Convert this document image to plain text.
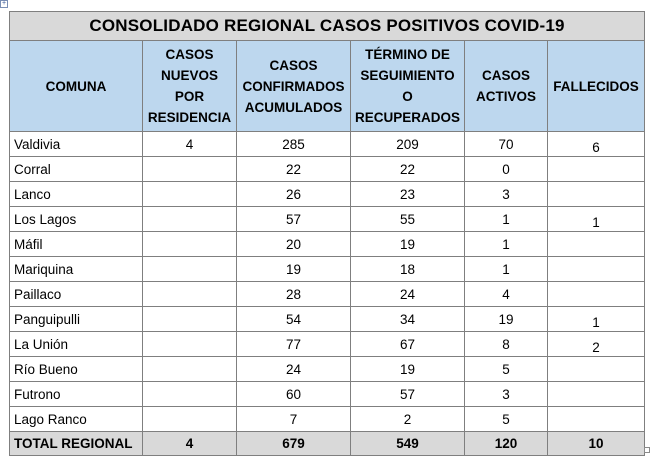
+
CONSOLIDADO REGIONAL CASOS POSITIVOS COVID-19					
COMUNA	CASOS
NUEVOS
POR
RESIDENCIA	CASOS
CONFIRMADOS
ACUMULADOS	TÉRMINO DE
SEGUIMIENTO
O
RECUPERADOS	CASOS
ACTIVOS	FALLECIDOS
Valdivia	4	285	209	70	6
Corral		22	22	0	
Lanco		26	23	3	
Los Lagos		57	55	1	1
Máfil		20	19	1	
Mariquina		19	18	1	
Paillaco		28	24	4	
Panguipulli		54	34	19	1
La Unión		77	67	8	2
Río Bueno		24	19	5	
Futrono		60	57	3	
Lago Ranco		7	2	5	
TOTAL REGIONAL	4	679	549	120	10
